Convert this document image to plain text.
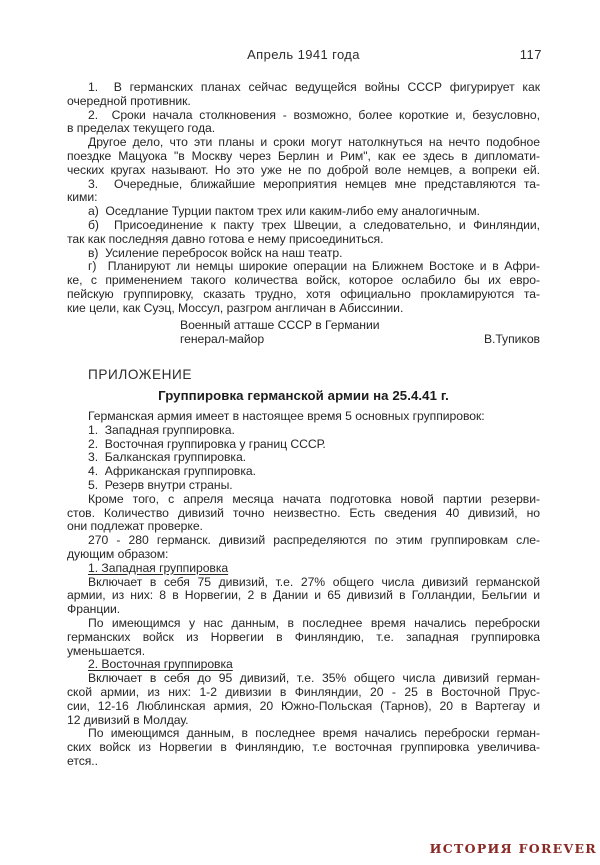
Апрель 1941 года	117
1.  В германских планах сейчас ведущейся войны СССР фигурирует как
очередной противник.
2.  Сроки начала столкновения - возможно, более короткие и, безусловно,
в пределах текущего года.
Другое дело, что эти планы и сроки могут натолкнуться на нечто подобное
поездке Мацуока "в Москву через Берлин и Рим", как ее здесь в дипломати-
ческих кругах называют. Но это уже не по доброй воле немцев, а вопреки ей.
3.  Очередные, ближайшие мероприятия немцев мне представляются та-
кими:
а)  Оседлание Турции пактом трех или каким-либо ему аналогичным.
б)  Присоединение к пакту трех Швеции, а следовательно, и Финляндии,
так как последняя давно готова е нему присоединиться.
в)  Усиление перебросок войск на наш театр.
г)  Планируют ли немцы широкие операции на Ближнем Востоке и в Афри-
ке, с применением такого количества войск, которое ослабило бы их евро-
пейскую группировку, сказать трудно, хотя официально прокламируются та-
кие цели, как Суэц, Моссул, разгром англичан в Абиссинии.
Военный атташе СССР в Германии
генерал-майор	В.Тупиков
ПРИЛОЖЕНИЕ
Группировка германской армии на 25.4.41 г.
Германская армия имеет в настоящее время 5 основных группировок:
1.  Западная группировка.
2.  Восточная группировка у границ СССР.
3.  Балканская группировка.
4.  Африканская группировка.
5.  Резерв внутри страны.
Кроме того, с апреля месяца начата подготовка новой партии резерви-
стов. Количество дивизий точно неизвестно. Есть сведения 40 дивизий, но
они подлежат проверке.
270 - 280 германск. дивизий распределяются по этим группировкам сле-
дующим образом:
1. Западная группировка
Включает в себя 75 дивизий, т.е. 27% общего числа дивизий германской
армии, из них: 8 в Норвегии, 2 в Дании и 65 дивизий в Голландии, Бельгии и
Франции.
По имеющимся у нас данным, в последнее время начались переброски
германских войск из Норвегии в Финляндию, т.е. западная группировка
уменьшается.
2. Восточная группировка
Включает в себя до 95 дивизий, т.е. 35% общего числа дивизий герман-
ской армии, из них: 1-2 дивизии в Финляндии, 20 - 25 в Восточной Прус-
сии, 12-16 Люблинская армия, 20 Южно-Польская (Тарнов), 20 в Вартегау и
12 дивизий в Молдау.
По имеющимся данным, в последнее время начались переброски герман-
ских войск из Норвегии в Финляндию, т.е восточная группировка увеличива-
ется..
ИСТОРИЯ FOREVER
